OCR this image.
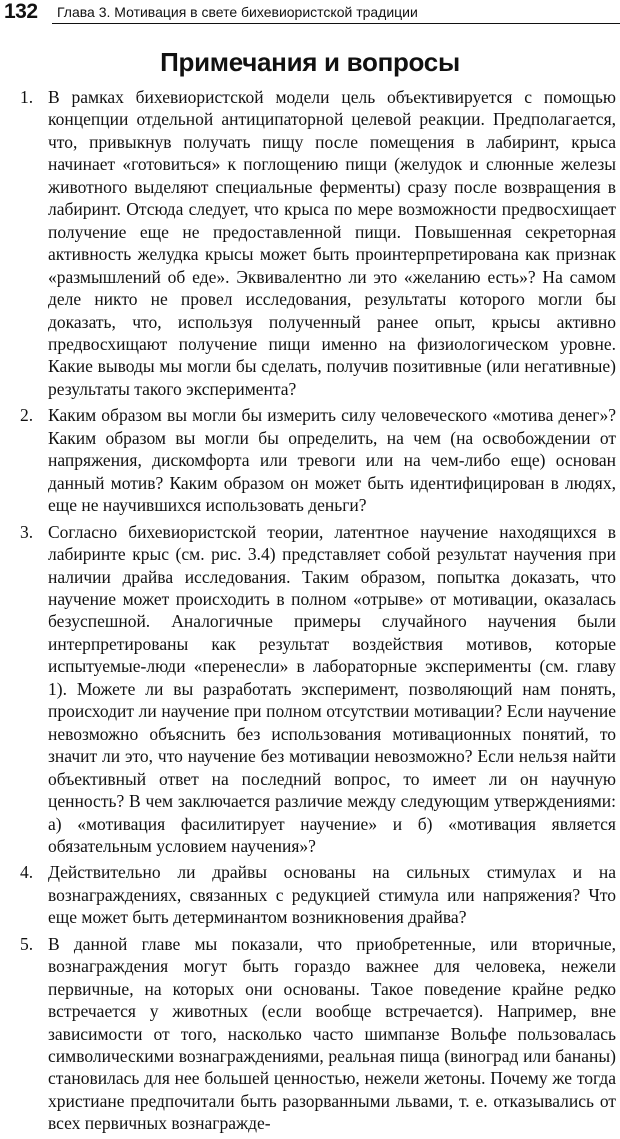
132 Глава 3. Мотивация в свете бихевиористской традиции
Примечания и вопросы
1. В рамках бихевиористской модели цель объективируется с помощью концепции отдельной антиципаторной целевой реакции. Предполагается, что, привыкнув получать пищу после помещения в лабиринт, крыса начинает «готовиться» к поглощению пищи (желудок и слюнные железы животного выделяют специальные ферменты) сразу после возвращения в лабиринт. Отсюда следует, что крыса по мере возможности предвосхищает получение еще не предоставленной пищи. Повышенная секреторная активность желудка крысы может быть проинтерпретирована как признак «размышлений об еде». Эквивалентно ли это «желанию есть»? На самом деле никто не провел исследования, результаты которого могли бы доказать, что, используя полученный ранее опыт, крысы активно предвосхищают получение пищи именно на физиологическом уровне. Какие выводы мы могли бы сделать, получив позитивные (или негативные) результаты такого эксперимента?
2. Каким образом вы могли бы измерить силу человеческого «мотива денег»? Каким образом вы могли бы определить, на чем (на освобождении от напряжения, дискомфорта или тревоги или на чем-либо еще) основан данный мотив? Каким образом он может быть идентифицирован в людях, еще не научившихся использовать деньги?
3. Согласно бихевиористской теории, латентное научение находящихся в лабиринте крыс (см. рис. 3.4) представляет собой результат научения при наличии драйва исследования. Таким образом, попытка доказать, что научение может происходить в полном «отрыве» от мотивации, оказалась безуспешной. Аналогичные примеры случайного научения были интерпретированы как результат воздействия мотивов, которые испытуемые-люди «перенесли» в лабораторные эксперименты (см. главу 1). Можете ли вы разработать эксперимент, позволяющий нам понять, происходит ли научение при полном отсутствии мотивации? Если научение невозможно объяснить без использования мотивационных понятий, то значит ли это, что научение без мотивации невозможно? Если нельзя найти объективный ответ на последний вопрос, то имеет ли он научную ценность? В чем заключается различие между следующим утверждениями: а) «мотивация фасилитирует научение» и б) «мотивация является обязательным условием научения»?
4. Действительно ли драйвы основаны на сильных стимулах и на вознаграждениях, связанных с редукцией стимула или напряжения? Что еще может быть детерминантом возникновения драйва?
5. В данной главе мы показали, что приобретенные, или вторичные, вознаграждения могут быть гораздо важнее для человека, нежели первичные, на которых они основаны. Такое поведение крайне редко встречается у животных (если вообще встречается). Например, вне зависимости от того, насколько часто шимпанзе Вольфе пользовалась символическими вознаграждениями, реальная пища (виноград или бананы) становилась для нее большей ценностью, нежели жетоны. Почему же тогда христиане предпочитали быть разорванными львами, т. е. отказывались от всех первичных вознагражде-
